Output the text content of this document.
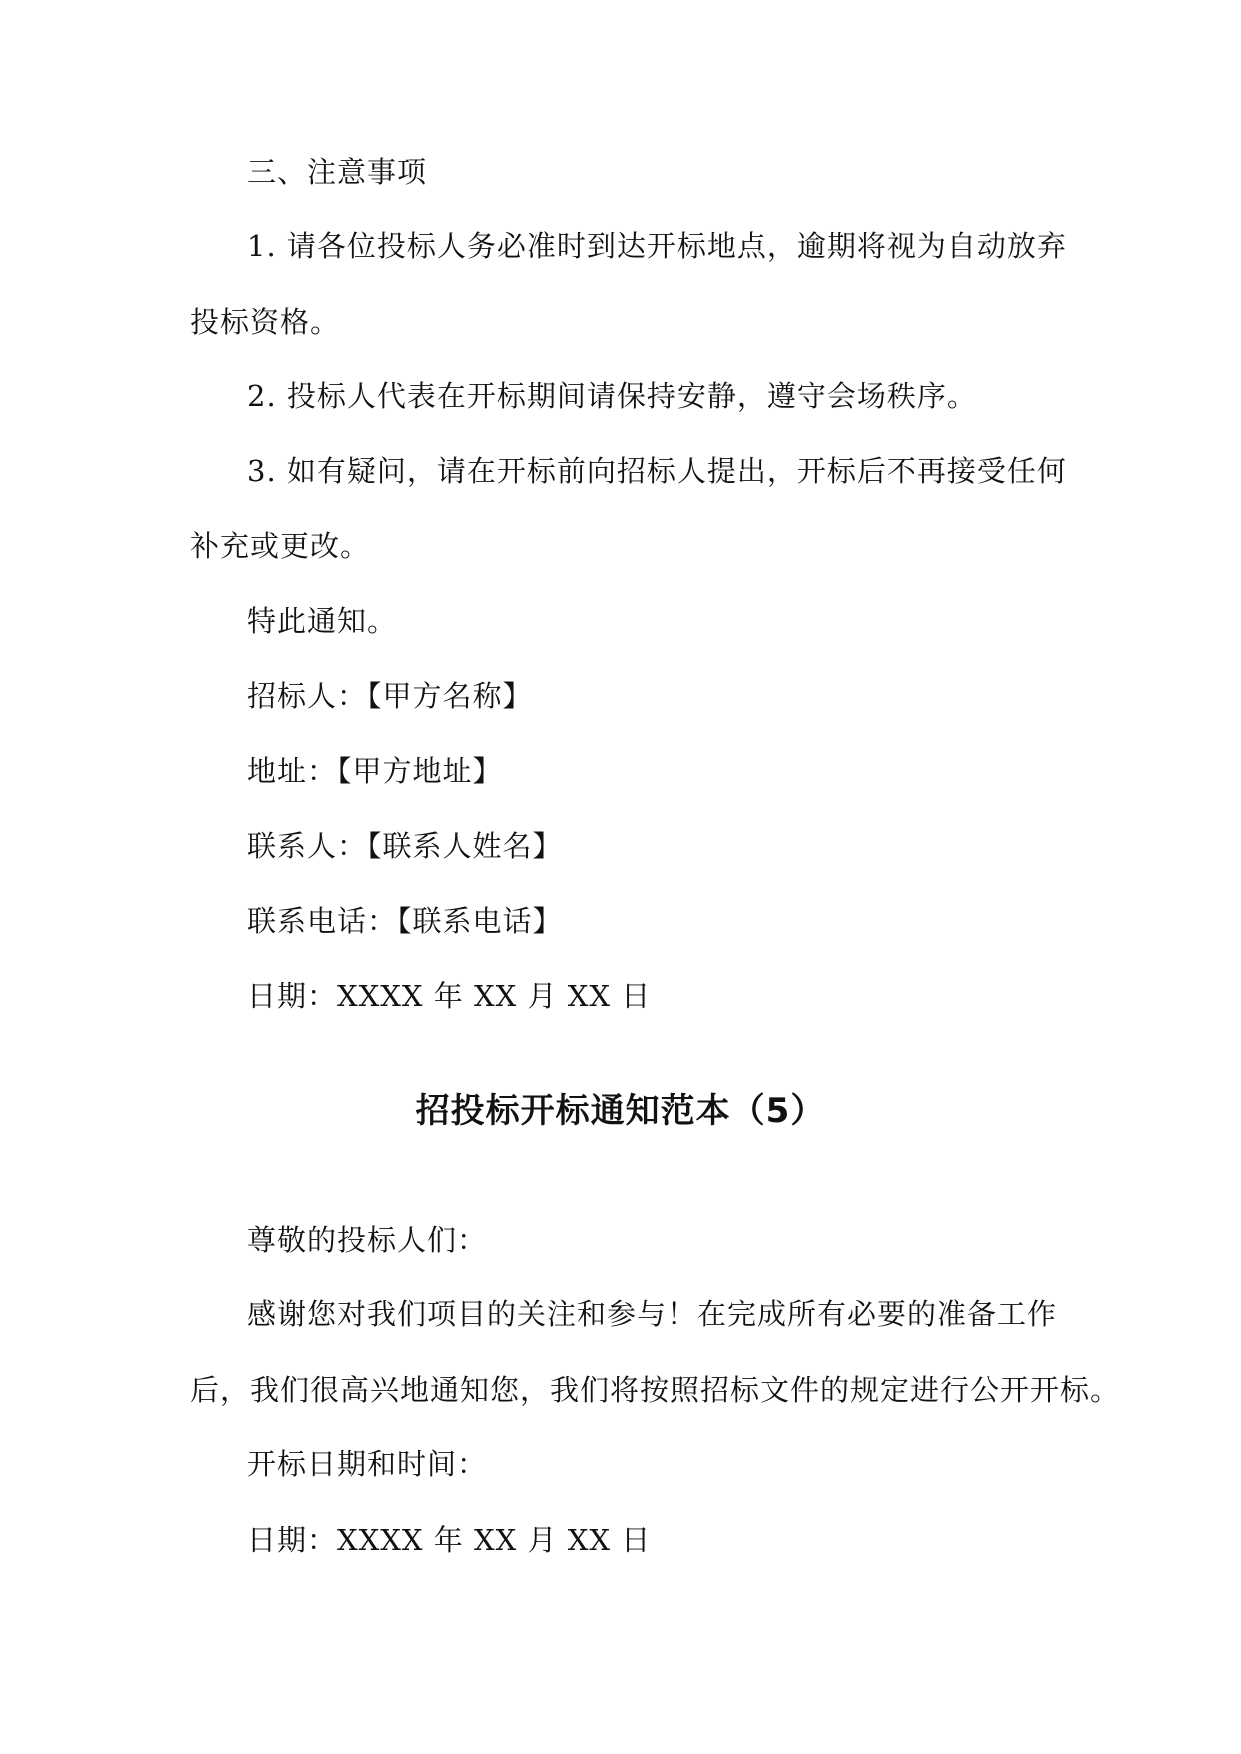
三、注意事项
1. 请各位投标人务必准时到达开标地点，逾期将视为自动放弃
投标资格。
2. 投标人代表在开标期间请保持安静，遵守会场秩序。
3. 如有疑问，请在开标前向招标人提出，开标后不再接受任何
补充或更改。
特此通知。
招标人：【甲方名称】
地址：【甲方地址】
联系人：【联系人姓名】
联系电话：【联系电话】
日期：XXXX 年 XX 月 XX 日
招投标开标通知范本（5）
尊敬的投标人们：
感谢您对我们项目的关注和参与！在完成所有必要的准备工作
后，我们很高兴地通知您，我们将按照招标文件的规定进行公开开标。
开标日期和时间：
日期：XXXX 年 XX 月 XX 日
